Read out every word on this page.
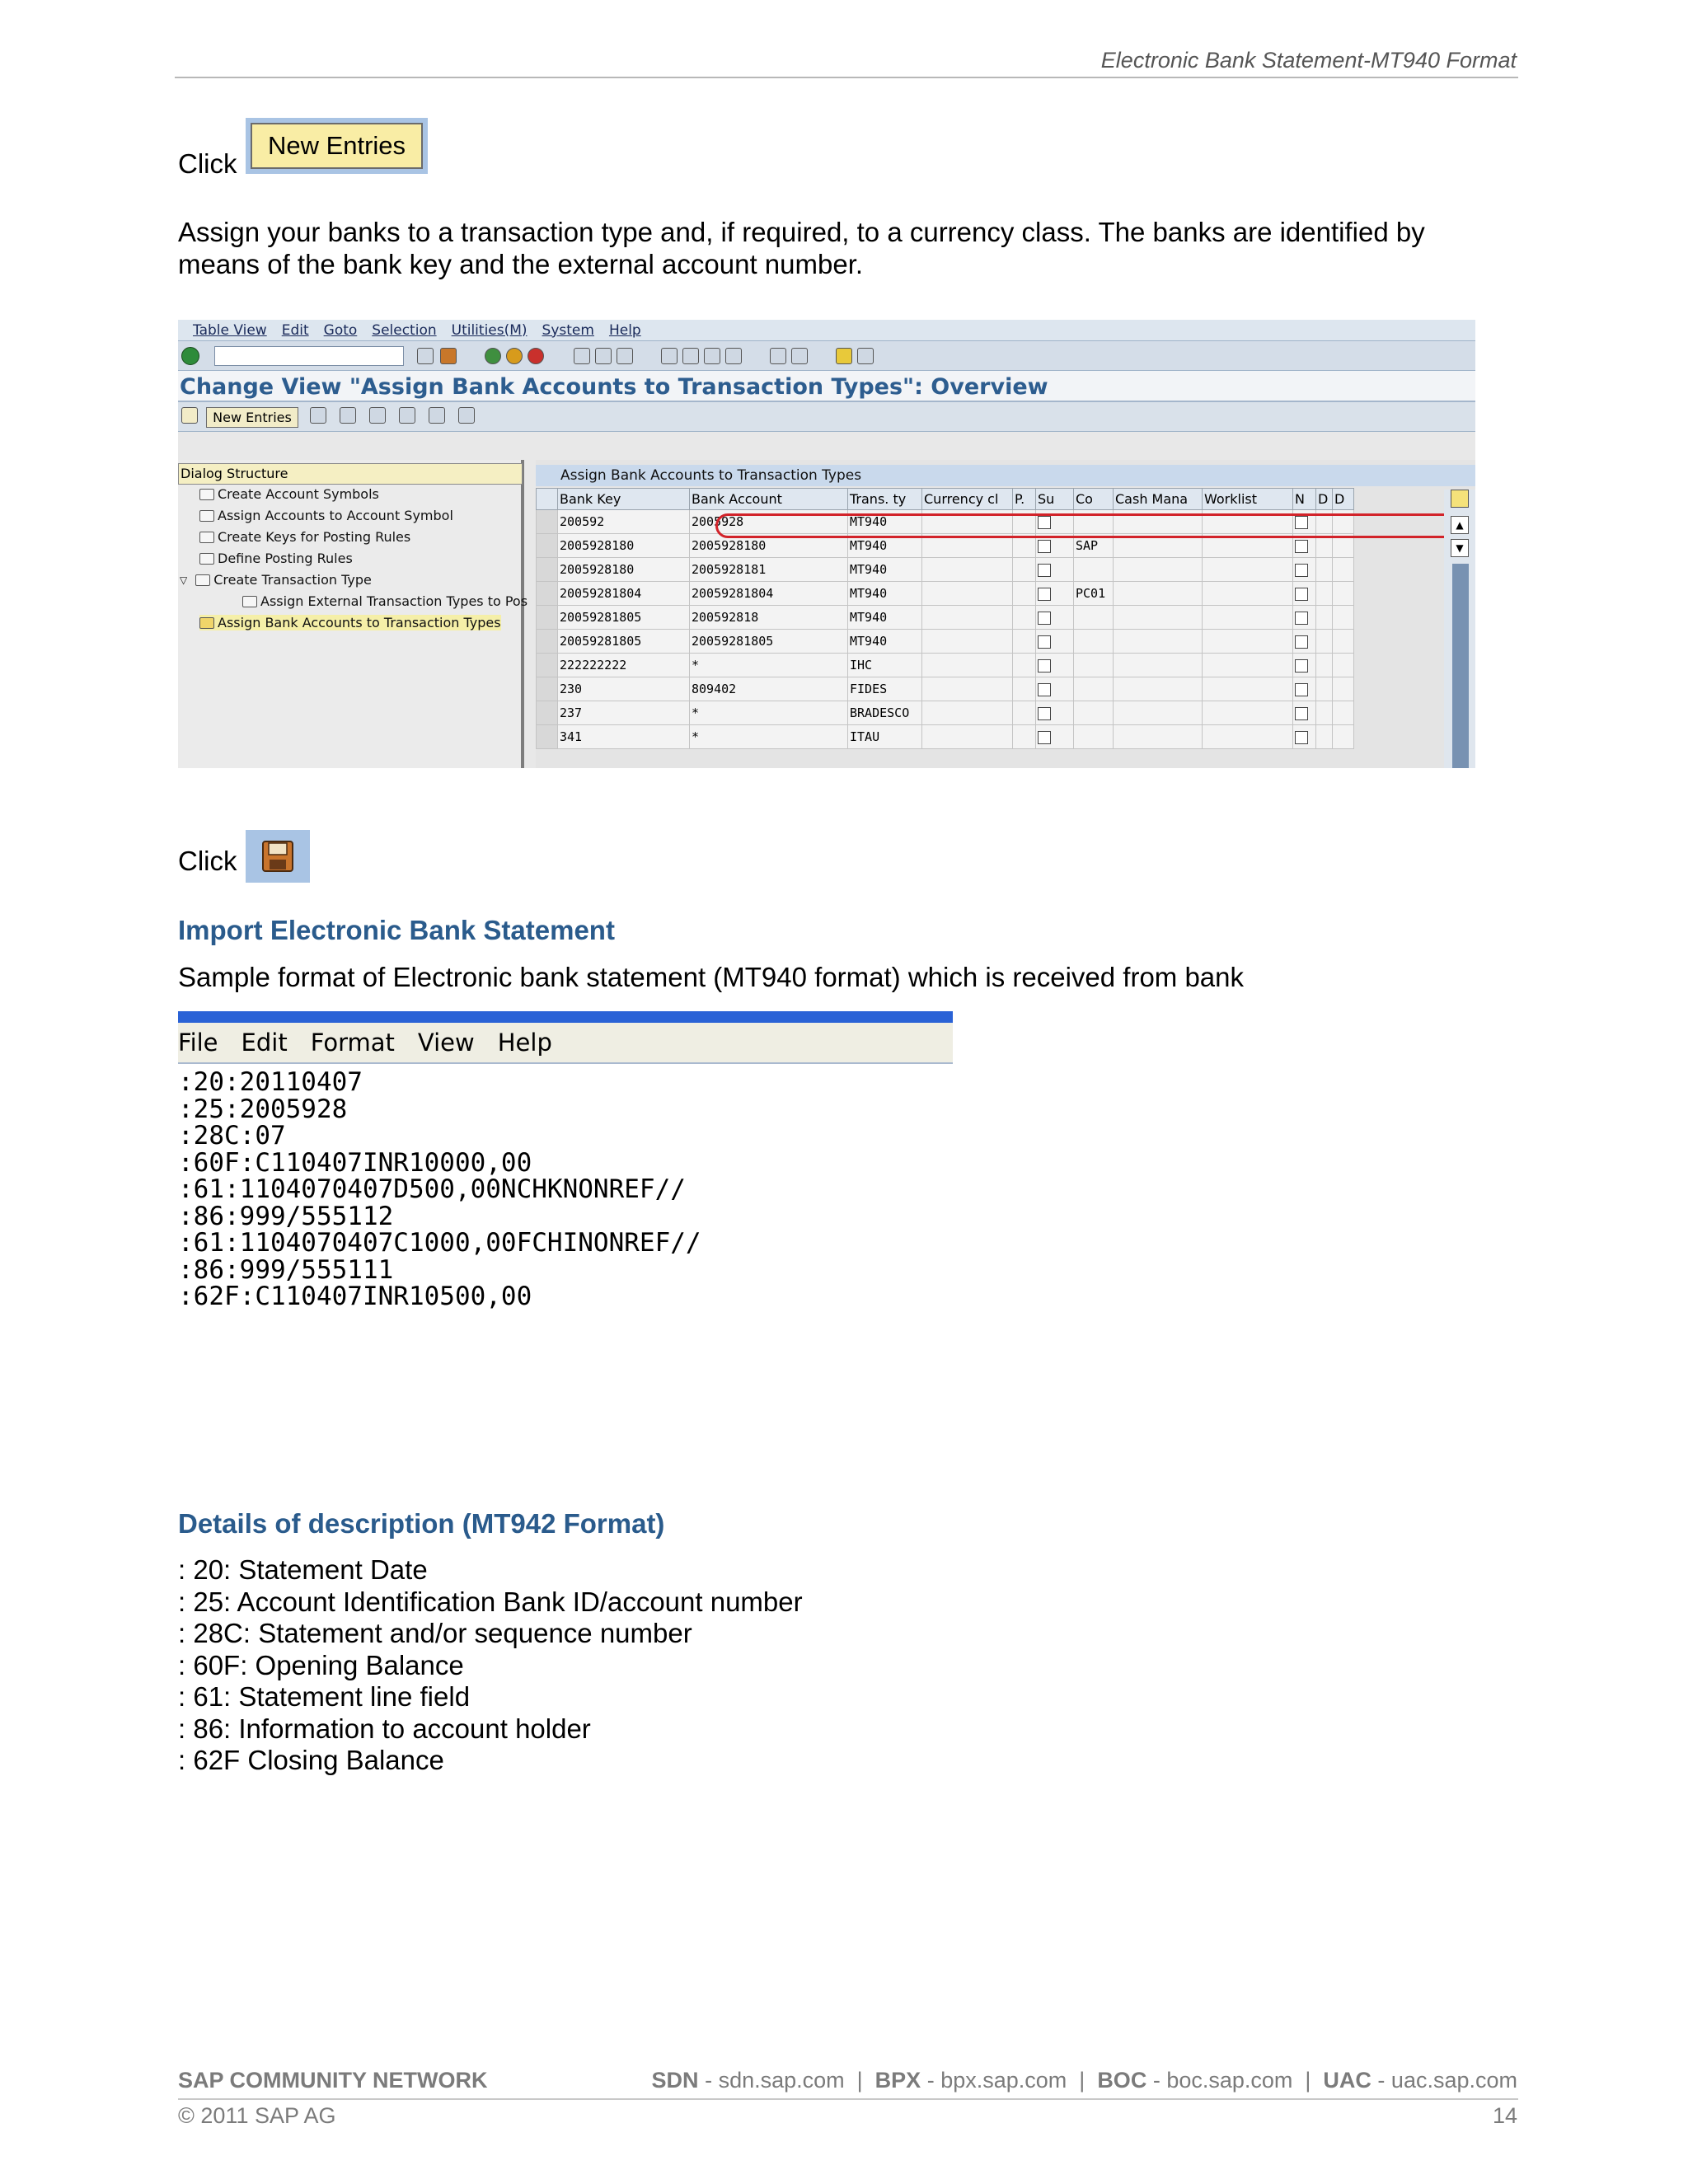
Electronic Bank Statement-MT940 Format
Click
New Entries
Assign your banks to a transaction type and, if required, to a currency class. The banks are identified by means of the bank key and the external account number.
Table View Edit Goto Selection Utilities(M) System Help
Change View "Assign Bank Accounts to Transaction Types": Overview
New Entries
Dialog Structure
Create Account Symbols
Assign Accounts to Account Symbol
Create Keys for Posting Rules
Define Posting Rules
▽ Create Transaction Type
Assign External Transaction Types to Pos
Assign Bank Accounts to Transaction Types
Assign Bank Accounts to Transaction Types
	Bank Key	Bank Account	Trans. ty	Currency cl	P.	Su	Co	Cash Mana	Worklist	N	D	D
	200592	2005928	MT940									
	2005928180	2005928180	MT940				SAP					
	2005928180	2005928181	MT940									
	20059281804	20059281804	MT940				PC01					
	20059281805	200592818	MT940									
	20059281805	20059281805	MT940									
	222222222	*	IHC									
	230	809402	FIDES									
	237	*	BRADESCO									
	341	*	ITAU									
▲
▼
Click
Import Electronic Bank Statement
Sample format of Electronic bank statement (MT940 format) which is received from bank
File Edit Format View Help
:20:20110407
:25:2005928
:28C:07
:60F:C110407INR10000,00
:61:1104070407D500,00NCHKNONREF//
:86:999/555112
:61:1104070407C1000,00FCHINONREF//
:86:999/555111
:62F:C110407INR10500,00
Details of description (MT942 Format)
: 20: Statement Date
: 25: Account Identification Bank ID/account number
: 28C: Statement and/or sequence number
: 60F: Opening Balance
: 61: Statement line field
: 86: Information to account holder
: 62F Closing Balance
SAP COMMUNITY NETWORK	SDN - sdn.sap.com  |  BPX - bpx.sap.com  |  BOC - boc.sap.com  |  UAC - uac.sap.com
© 2011 SAP AG	14
